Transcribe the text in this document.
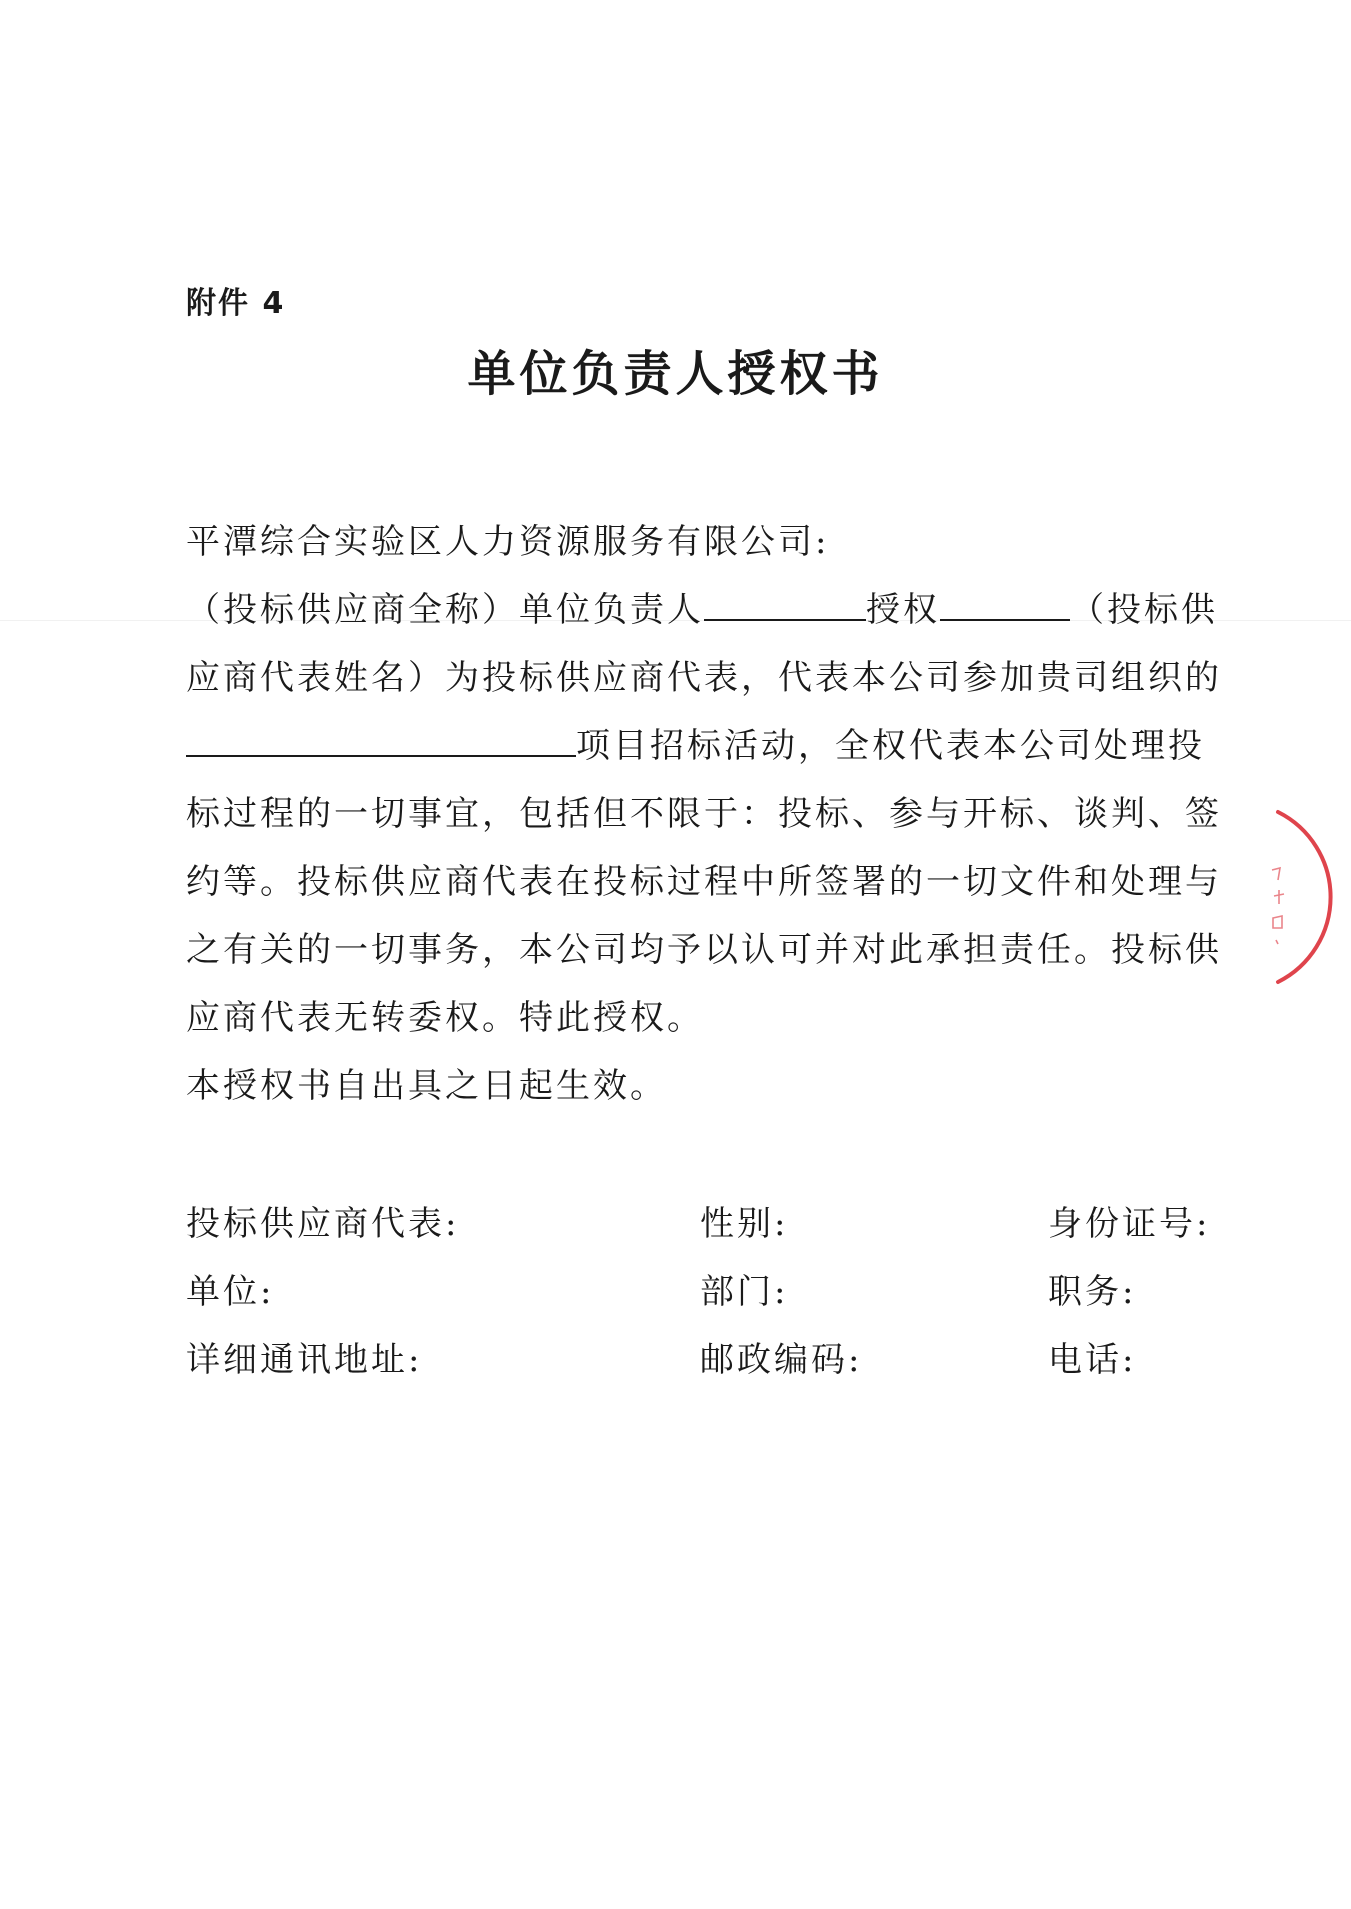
附件 4
单位负责人授权书
平潭综合实验区人力资源服务有限公司:
（投标供应商全称）单位负责人	授权	（投标供
应商代表姓名）为投标供应商代表，代表本公司参加贵司组织的
项目招标活动，全权代表本公司处理投
标过程的一切事宜，包括但不限于：投标、参与开标、谈判、签
约等。投标供应商代表在投标过程中所签署的一切文件和处理与
之有关的一切事务，本公司均予以认可并对此承担责任。投标供
应商代表无转委权。特此授权。
本授权书自出具之日起生效。
投标供应商代表:	性别:	身份证号:
单位:	部门:	职务:
详细通讯地址:	邮政编码:	电话:
